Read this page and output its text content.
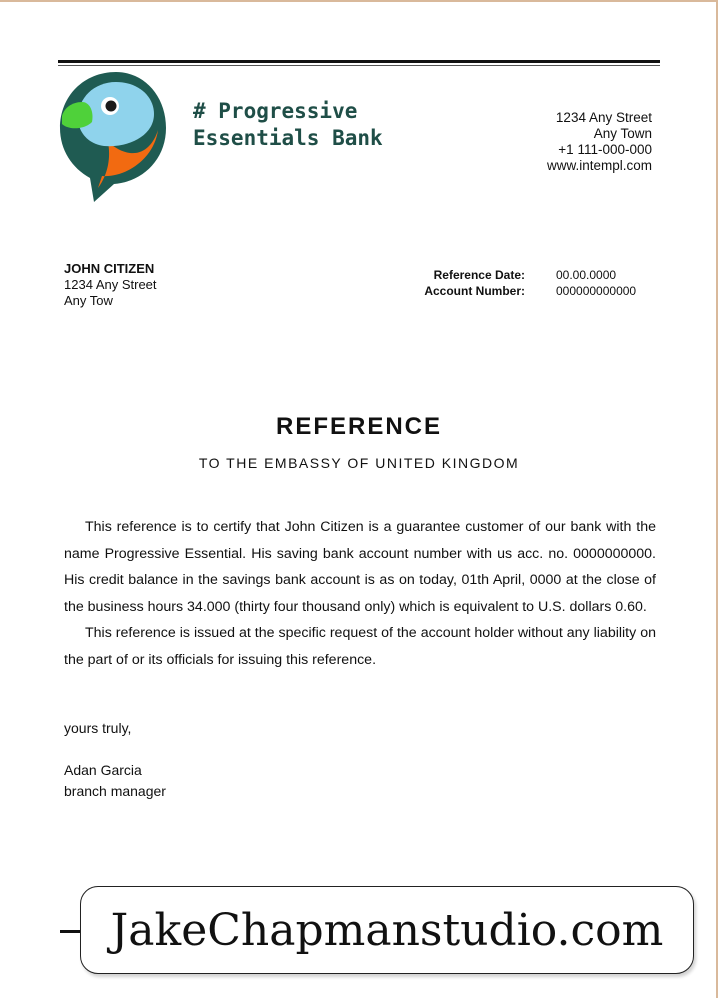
# Progressive
Essentials Bank
1234 Any Street
Any Town
+1 111-000-000
www.intempl.com
JOHN CITIZEN
1234 Any Street
Any Tow
Reference Date:	00.00.0000
Account Number:	000000000000
REFERENCE
TO THE EMBASSY OF UNITED KINGDOM

This reference is to certify that John Citizen is a guarantee customer of our bank with the name Progressive Essential. His saving bank account number with us acc. no. 0000000000. His credit balance in the savings bank account is as on today, 01th April, 0000 at the close of the business hours 34.000 (thirty four thousand only) which is equivalent to U.S. dollars 0.60.

This reference is issued at the specific request of the account holder without any liability on the part of or its officials for issuing this reference.

yours truly,
Adan Garcia
branch manager
JakeChapmanstudio.com
